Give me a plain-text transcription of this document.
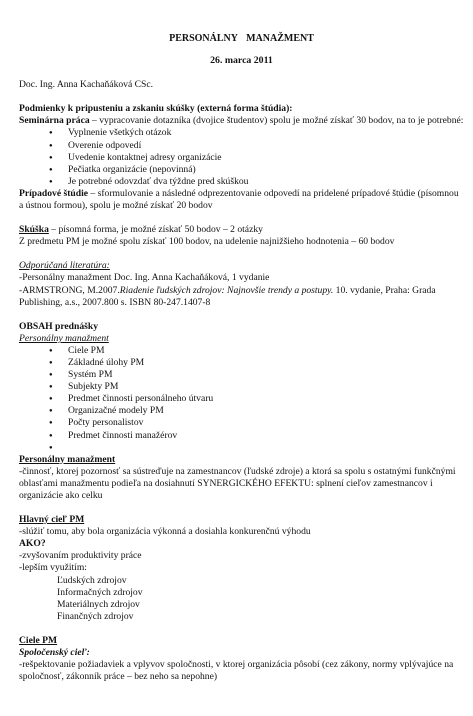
PERSONÁLNY MANAŽMENT
26. marca 2011

Doc. Ing. Anna Kachaňáková CSc.

Podmienky k pripusteniu a zskaniu skúšky (externá forma štúdia):

Seminárna práca – vypracovanie dotazníka (dvojice študentov) spolu je možné získať 30 bodov, na to je potrebné:

● Vyplnenie všetkých otázok
● Overenie odpovedí
● Uvedenie kontaktnej adresy organizácie
● Pečiatka organizácie (nepovinná)
● Je potrebné odovzdať dva týždne pred skúškou

Prípadové štúdie – sformulovanie a následné odprezentovanie odpovedí na pridelené prípadové štúdie (písomnou a ústnou formou), spolu je možné získať 20 bodov

Skúška – písomná forma, je možné získať 50 bodov – 2 otázky

Z predmetu PM je možné spolu získať 100 bodov, na udelenie najnižšieho hodnotenia – 60 bodov

Odporúčaná literatúra:

-Personálny manažment Doc. Ing. Anna Kachaňáková, 1 vydanie

-ARMSTRONG, M.2007.Riadenie ľudských zdrojov: Najnovšie trendy a postupy. 10. vydanie, Praha: Grada Publishing, a.s., 2007.800 s. ISBN 80-247.1407-8

OBSAH prednášky

Personálny manažment

● Ciele PM
● Základné úlohy PM
● Systém PM
● Subjekty PM
● Predmet činnosti personálneho útvaru
● Organizačné modely PM
● Počty personalistov
● Predmet činnosti manažérov
●

Personálny manažment

-činnosť, ktorej pozornosť sa sústreďuje na zamestnancov (ľudské zdroje) a ktorá sa spolu s ostatnými funkčnými oblasťami manažmentu podieľa na dosiahnutí SYNERGICKÉHO EFEKTU: splnení cieľov zamestnancov i organizácie ako celku

Hlavný cieľ PM

-slúžiť tomu, aby bola organizácia výkonná a dosiahla konkurenčnú výhodu

AKO?

-zvyšovaním produktivity práce

-lepším využitím:

Ľudských zdrojov

Informačných zdrojov

Materiálnych zdrojov

Finančných zdrojov

Ciele PM

Spoločenský cieľ:

-rešpektovanie požiadaviek a vplyvov spoločnosti, v ktorej organizácia pôsobí (cez zákony, normy vplývajúce na spoločnosť, zákonník práce – bez neho sa nepohne)
